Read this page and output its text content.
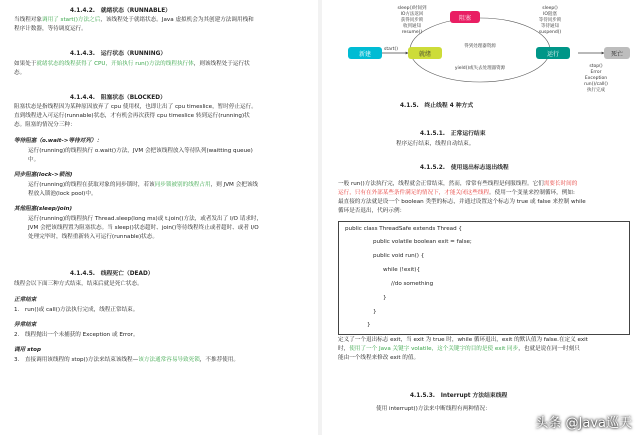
4.1.4.2.　就绪状态（RUNNABLE）
当线程对象调用了 start()方法之后，该线程处于就绪状态。Java 虚拟机会为其创建方法调用栈和
程序计数器，等待调度运行。
4.1.4.3.　运行状态（RUNNING）
如果处于就绪状态的线程获得了 CPU，开始执行 run()方法的线程执行体，则该线程处于运行状
态。
4.1.4.4.　阻塞状态（BLOCKED）
阻塞状态是指线程因为某种原因放弃了 cpu 使用权，也即让出了 cpu timeslice，暂时停止运行。
直到线程进入可运行(runnable)状态，才有机会再次获得 cpu timeslice 转到运行(running)状
态。阻塞的情况分三种：
等待阻塞（o.wait->等待对列）：
运行(running)的线程执行 o.wait()方法，JVM 会把该线程放入等待队列(waitting queue)
中。
同步阻塞(lock->锁池)
运行(running)的线程在获取对象的同步锁时，若该同步锁被别的线程占用，则 JVM 会把该线
程放入锁池(lock pool)中。
其他阻塞(sleep/join)
运行(running)的线程执行 Thread.sleep(long ms)或 t.join()方法，或者发出了 I/O 请求时，
JVM 会把该线程置为阻塞状态。当 sleep()状态超时、join()等待线程终止或者超时、或者 I/O
处理完毕时，线程重新转入可运行(runnable)状态。
4.1.4.5.　线程死亡（DEAD）
线程会以下面三种方式结束，结束后就是死亡状态。
正常结束
1.　run()或 call()方法执行完成，线程正常结束。
异常结束
2.　线程抛出一个未捕获的 Exception 或 Error。
调用 stop
3.　直接调用该线程的 stop()方法来结束该线程—该方法通常容易导致死锁，不推荐使用。
阻塞
新建	就绪	运行	死亡
start()
得到处理器资源
yield()或失去处理器资源
sleep()时间到
IO方法返回
获得同步锁
收到通知
resume()
sleep()
IO阻塞
等待同步锁
等待通知
suspend()
stop()
Error
Exception
run()/call()
执行完成
4.1.5.　终止线程 4 种方式
4.1.5.1.　正常运行结束
程序运行结束，线程自动结束。
4.1.5.2.　使用退出标志退出线程
一般 run()方法执行完，线程就会正常结束，然而，常常有些线程是伺服线程。它们需要长时间的
运行，只有在外部某些条件满足的情况下，才能关闭这些线程。使用一个变量来控制循环，例如:
最直接的方法就是设一个 boolean 类型的标志，并通过设置这个标志为 true 或 false 来控制 while
循环是否退出，代码示例：
public class ThreadSafe extends Thread {
public volatile boolean exit = false;
public void run() {
while (!exit){
//do something
}
}
}
定义了一个退出标志 exit，当 exit 为 true 时，while 循环退出，exit 的默认值为 false.在定义 exit
时，使用了一个 Java 关键字 volatile，这个关键字的目的是使 exit 同步，也就是说在同一时刻只
能由一个线程来修改 exit 的值。
4.1.5.3.　Interrupt 方法结束线程
使用 interrupt()方法来中断线程有两种情况：
头条 @Java巡天
